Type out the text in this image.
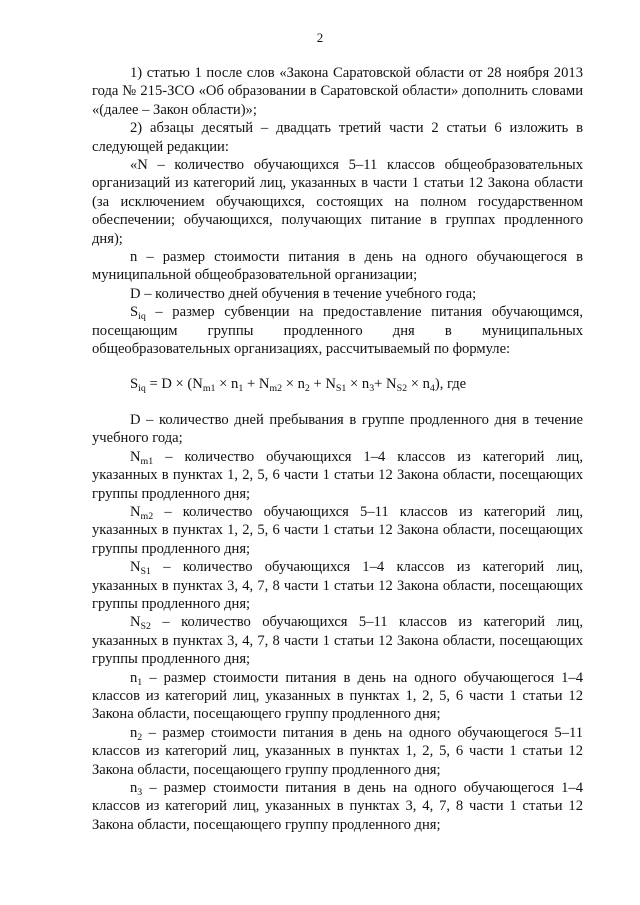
2

1) статью 1 после слов «Закона Саратовской области от 28 ноября 2013 года № 215-ЗСО «Об образовании в Саратовской области» дополнить словами «(далее – Закон области)»;

2) абзацы десятый – двадцать третий части 2 статьи 6 изложить в следующей редакции:

«N – количество обучающихся 5–11 классов общеобразовательных организаций из категорий лиц, указанных в части 1 статьи 12 Закона области (за исключением обучающихся, состоящих на полном государственном обеспечении; обучающихся, получающих питание в группах продленного дня);

n – размер стоимости питания в день на одного обучающегося в муниципальной общеобразовательной организации;

D – количество дней обучения в течение учебного года;

$S_{iq}$ – размер субвенции на предоставление питания обучающимся, посещающим группы продленного дня в муниципальных общеобразовательных организациях, рассчитываемый по формуле:

$S_{iq} = D \times (N_{m1} \times n_1 + N_{m2} \times n_2 + N_{S1} \times n_3+ N_{S2} \times n_4)$, где

D – количество дней пребывания в группе продленного дня в течение учебного года;

$N_{m1}$ – количество обучающихся 1–4 классов из категорий лиц, указанных в пунктах 1, 2, 5, 6 части 1 статьи 12 Закона области, посещающих группы продленного дня;

$N_{m2}$ – количество обучающихся 5–11 классов из категорий лиц, указанных в пунктах 1, 2, 5, 6 части 1 статьи 12 Закона области, посещающих группы продленного дня;

$N_{S1}$ – количество обучающихся 1–4 классов из категорий лиц, указанных в пунктах 3, 4, 7, 8 части 1 статьи 12 Закона области, посещающих группы продленного дня;

$N_{S2}$ – количество обучающихся 5–11 классов из категорий лиц, указанных в пунктах 3, 4, 7, 8 части 1 статьи 12 Закона области, посещающих группы продленного дня;

$n_1$ – размер стоимости питания в день на одного обучающегося 1–4 классов из категорий лиц, указанных в пунктах 1, 2, 5, 6 части 1 статьи 12 Закона области, посещающего группу продленного дня;

$n_2$ – размер стоимости питания в день на одного обучающегося 5–11 классов из категорий лиц, указанных в пунктах 1, 2, 5, 6 части 1 статьи 12 Закона области, посещающего группу продленного дня;

$n_3$ – размер стоимости питания в день на одного обучающегося 1–4 классов из категорий лиц, указанных в пунктах 3, 4, 7, 8 части 1 статьи 12 Закона области, посещающего группу продленного дня;
